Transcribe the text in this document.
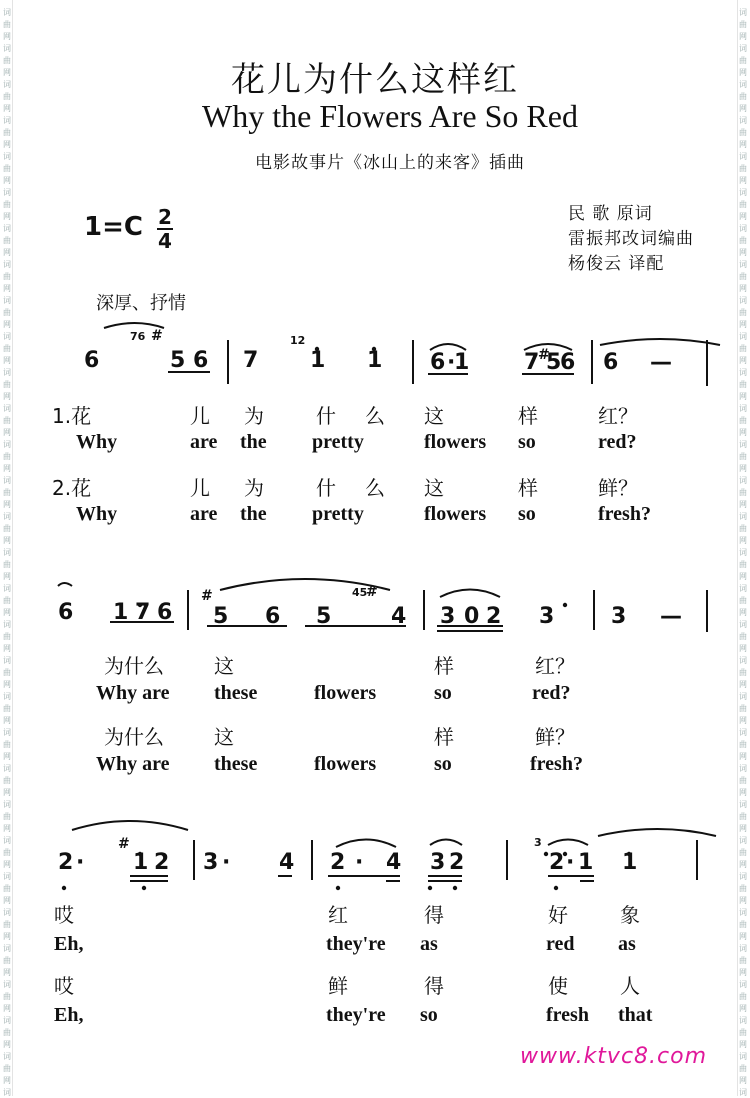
词
曲
网
词
曲
网
词
曲
网
词
曲
网
词
曲
网
词
曲
网
词
曲
网
词
曲
网
词
曲
网
词
曲
网
词
曲
网
词
曲
网
词
曲
网
词
曲
网
词
曲
网
词
曲
网
词
曲
网
词
曲
网
词
曲
网
词
曲
网
词
曲
网
词
曲
网
词
曲
网
词
曲
网
词
曲
网
词
曲
网
词
曲
网
词
曲
网
词
曲
网
词
曲
网
词
词
曲
网
词
曲
网
词
曲
网
词
曲
网
词
曲
网
词
曲
网
词
曲
网
词
曲
网
词
曲
网
词
曲
网
词
曲
网
词
曲
网
词
曲
网
词
曲
网
词
曲
网
词
曲
网
词
曲
网
词
曲
网
词
曲
网
词
曲
网
词
曲
网
词
曲
网
词
曲
网
词
曲
网
词
曲
网
词
曲
网
词
曲
网
词
曲
网
词
曲
网
词
曲
网
词
花儿为什么这样红
Why the Flowers Are So Red
电影故事片《冰山上的来客》插曲
1=C 2
4
民 歌 原词
雷振邦改词编曲
杨俊云 译配
深厚、抒情
6
76 #
5 6 7
12
1 1 6 ·
1 7
#
5
6 6 —
1.花	儿 为	什 么 这	样	红？
Why	are the pretty	flowers so	red?
2.花	儿 为	什 么 这	样	鲜？
Why	are the pretty	flowers so	fresh?
6 1 7 6
#
5 6 5
45
#
4 3 0 2 3	3 —
为什么	这	样	红？
Why are these	flowers	so	red?
为什么	这	样	鲜？
Why are these	flowers	so	fresh?
2 ·
#
1 2 3 · 4 2 · 4 3 2
3
2 · 1 1
哎	红	得	好	象
Eh,	they're as	red as
哎	鲜	得	使	人
Eh,	they're so	fresh that
www.ktvc8.com
